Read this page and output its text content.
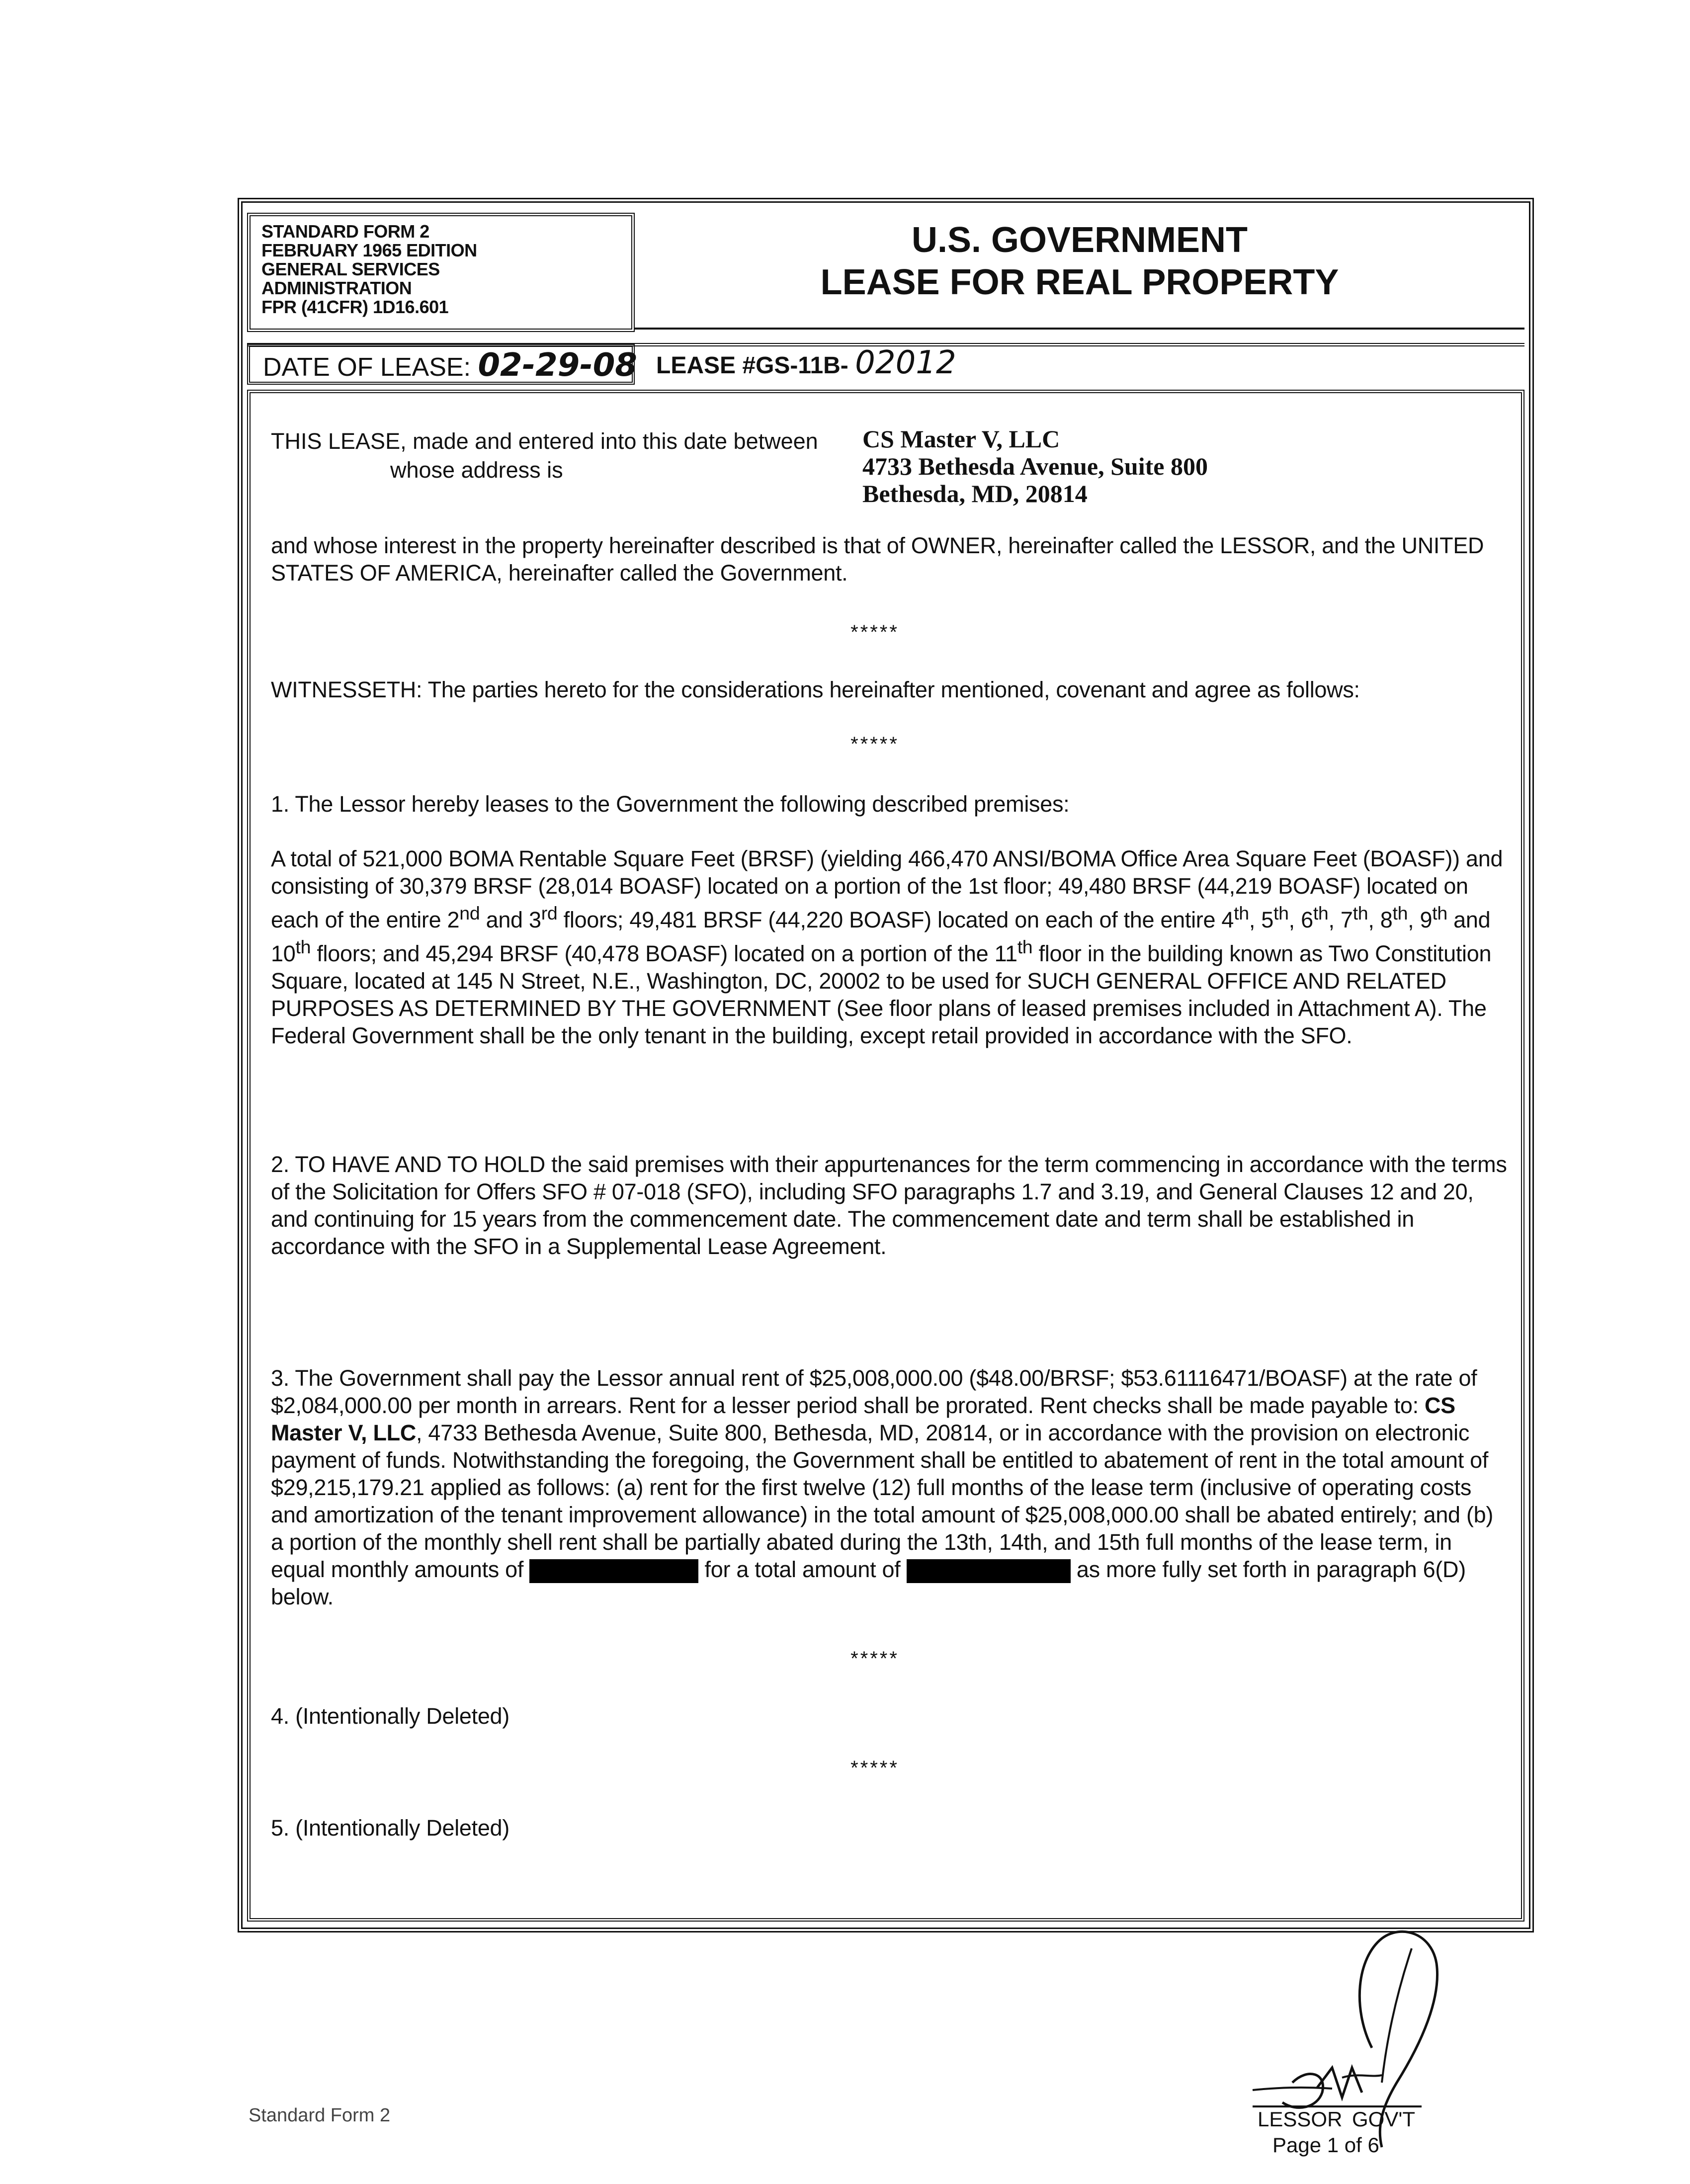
STANDARD FORM 2
FEBRUARY 1965 EDITION
GENERAL SERVICES
ADMINISTRATION
FPR (41CFR) 1D16.601
U.S. GOVERNMENT
LEASE FOR REAL PROPERTY
DATE OF LEASE: 02-29-08 LEASE #GS-11B- 02012
THIS LEASE, made and entered into this date between
whose address is
CS Master V, LLC
4733 Bethesda Avenue, Suite 800
Bethesda, MD, 20814
and whose interest in the property hereinafter described is that of OWNER, hereinafter called the LESSOR, and the UNITED STATES OF AMERICA, hereinafter called the Government.
*****
WITNESSETH: The parties hereto for the considerations hereinafter mentioned, covenant and agree as follows:
*****
1. The Lessor hereby leases to the Government the following described premises:
A total of 521,000 BOMA Rentable Square Feet (BRSF) (yielding 466,470 ANSI/BOMA Office Area Square Feet (BOASF)) and consisting of 30,379 BRSF (28,014 BOASF) located on a portion of the 1st floor; 49,480 BRSF (44,219 BOASF) located on each of the entire 2nd and 3rd floors; 49,481 BRSF (44,220 BOASF) located on each of the entire 4th, 5th, 6th, 7th, 8th, 9th and 10th floors; and 45,294 BRSF (40,478 BOASF) located on a portion of the 11th floor in the building known as Two Constitution Square, located at 145 N Street, N.E., Washington, DC, 20002 to be used for SUCH GENERAL OFFICE AND RELATED PURPOSES AS DETERMINED BY THE GOVERNMENT (See floor plans of leased premises included in Attachment A). The Federal Government shall be the only tenant in the building, except retail provided in accordance with the SFO.
2. TO HAVE AND TO HOLD the said premises with their appurtenances for the term commencing in accordance with the terms of the Solicitation for Offers SFO # 07-018 (SFO), including SFO paragraphs 1.7 and 3.19, and General Clauses 12 and 20, and continuing for 15 years from the commencement date. The commencement date and term shall be established in accordance with the SFO in a Supplemental Lease Agreement.
3. The Government shall pay the Lessor annual rent of $25,008,000.00 ($48.00/BRSF; $53.61116471/BOASF) at the rate of $2,084,000.00 per month in arrears. Rent for a lesser period shall be prorated. Rent checks shall be made payable to: CS Master V, LLC, 4733 Bethesda Avenue, Suite 800, Bethesda, MD, 20814, or in accordance with the provision on electronic payment of funds. Notwithstanding the foregoing, the Government shall be entitled to abatement of rent in the total amount of $29,215,179.21 applied as follows: (a) rent for the first twelve (12) full months of the lease term (inclusive of operating costs and amortization of the tenant improvement allowance) in the total amount of $25,008,000.00 shall be abated entirely; and (b) a portion of the monthly shell rent shall be partially abated during the 13th, 14th, and 15th full months of the lease term, in equal monthly amounts of	for a total amount of	as more fully set forth in paragraph 6(D) below.
*****
4. (Intentionally Deleted)
*****
5. (Intentionally Deleted)
LESSOR GOV'T
Page 1 of 6
Standard Form 2
